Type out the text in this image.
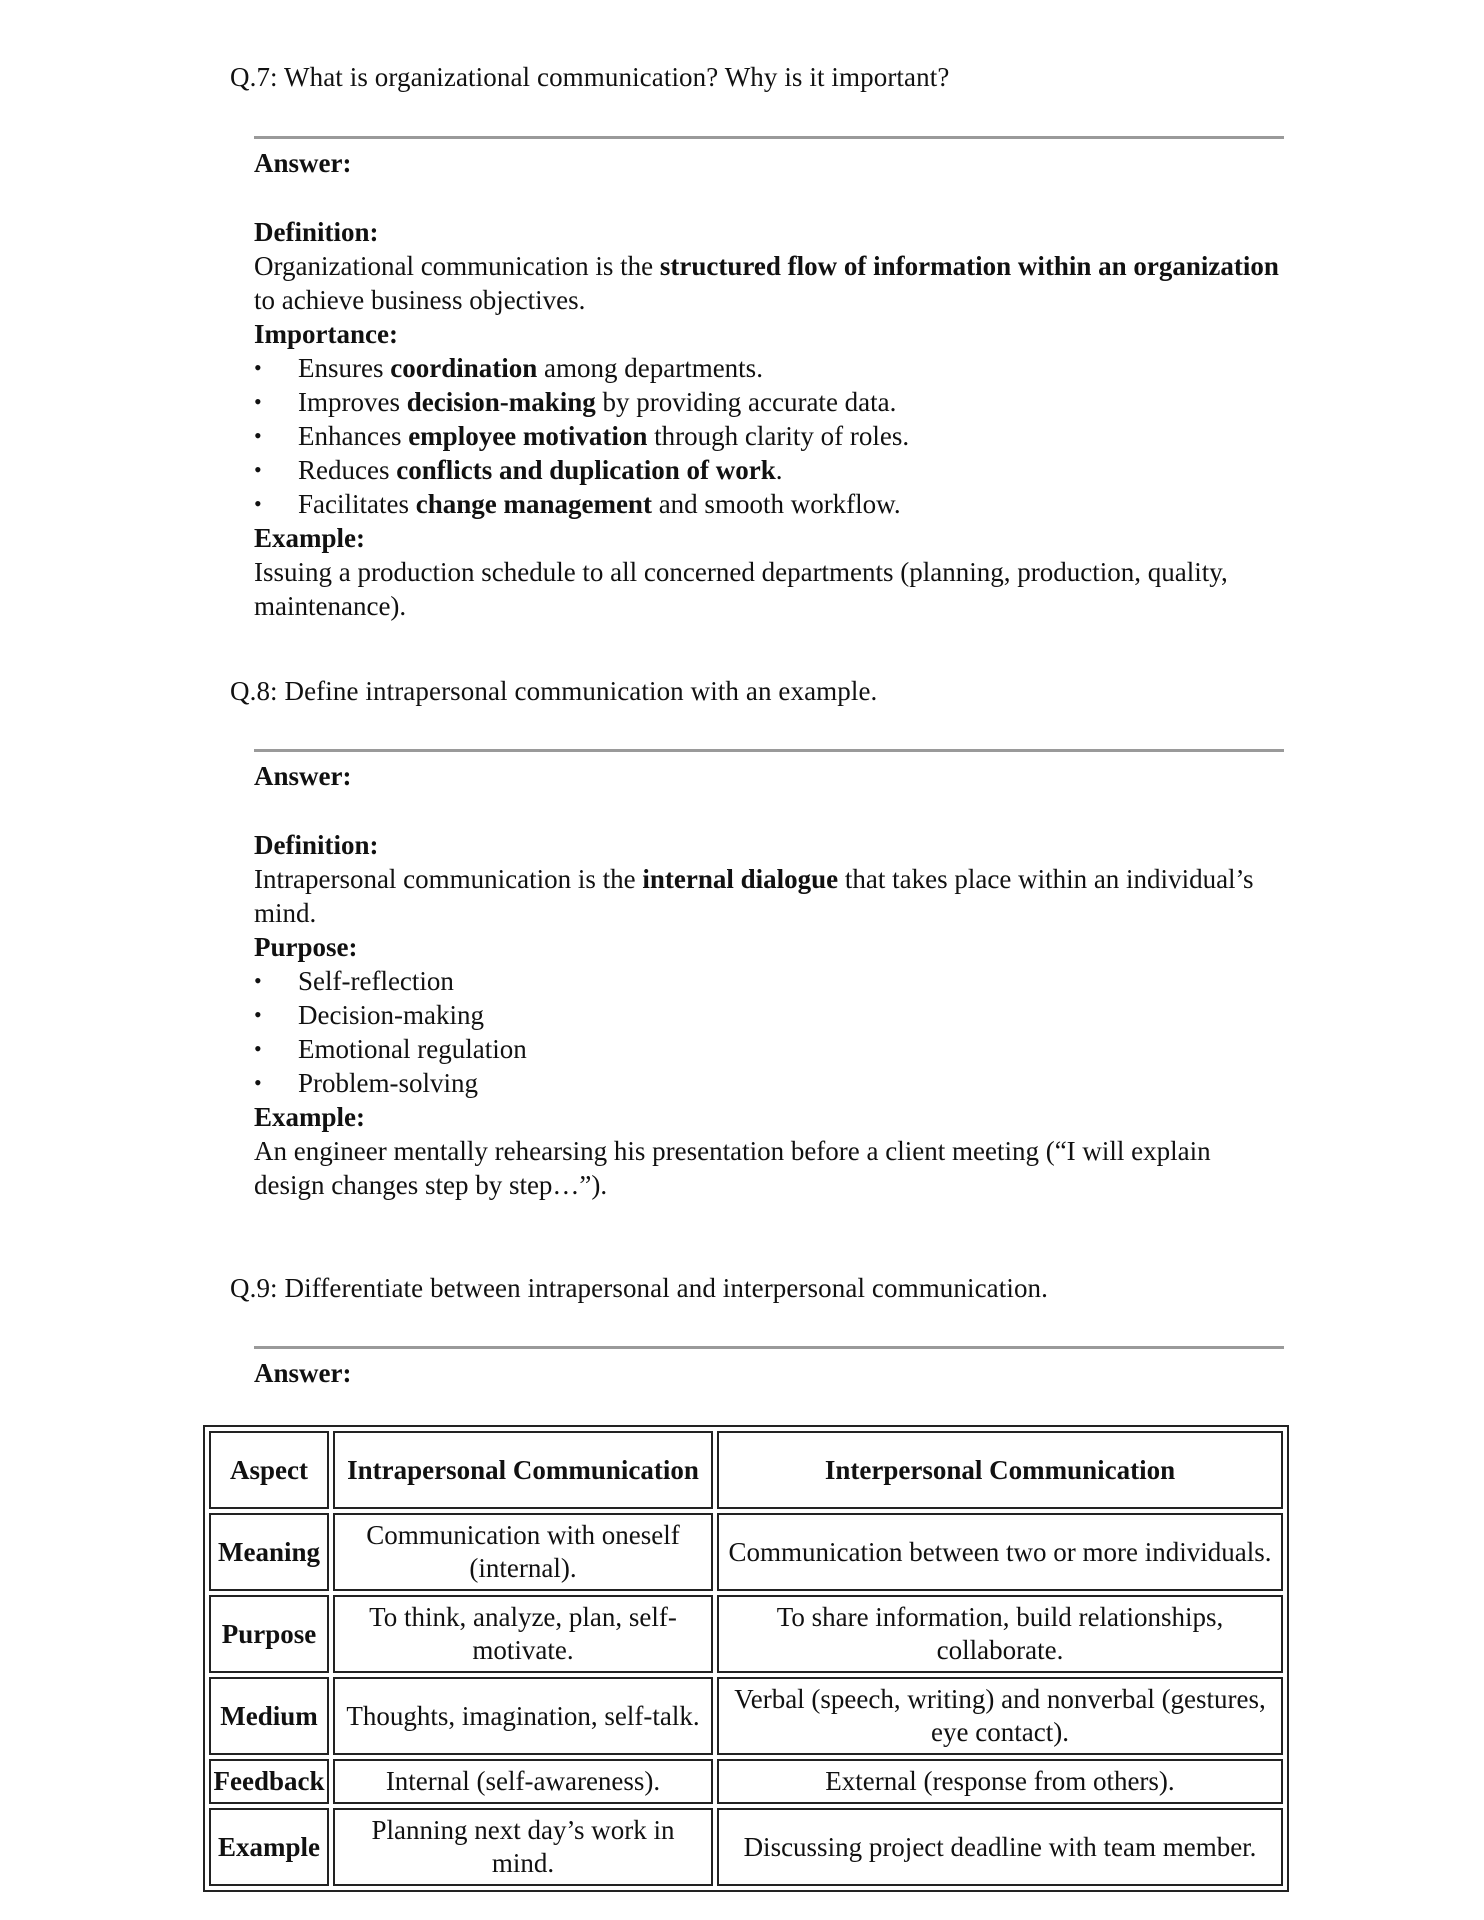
Q.7: What is organizational communication? Why is it important?

Answer:

Definition:

Organizational communication is the structured flow of information within an organization to achieve business objectives.

Importance:

• Ensures coordination among departments.
• Improves decision-making by providing accurate data.
• Enhances employee motivation through clarity of roles.
• Reduces conflicts and duplication of work.
• Facilitates change management and smooth workflow.

Example:

Issuing a production schedule to all concerned departments (planning, production, quality, maintenance).

Q.8: Define intrapersonal communication with an example.

Answer:

Definition:

Intrapersonal communication is the internal dialogue that takes place within an individual’s mind.

Purpose:

• Self-reflection
• Decision-making
• Emotional regulation
• Problem-solving

Example:

An engineer mentally rehearsing his presentation before a client meeting (“I will explain design changes step by step…”).

Q.9: Differentiate between intrapersonal and interpersonal communication.

Answer:

Aspect	Intrapersonal Communication	Interpersonal Communication
Meaning	Communication with oneself (internal).	Communication between two or more individuals.
Purpose	To think, analyze, plan, self-motivate.	To share information, build relationships, collaborate.
Medium	Thoughts, imagination, self-talk.	Verbal (speech, writing) and nonverbal (gestures, eye contact).
Feedback	Internal (self-awareness).	External (response from others).
Example	Planning next day’s work in mind.	Discussing project deadline with team member.
